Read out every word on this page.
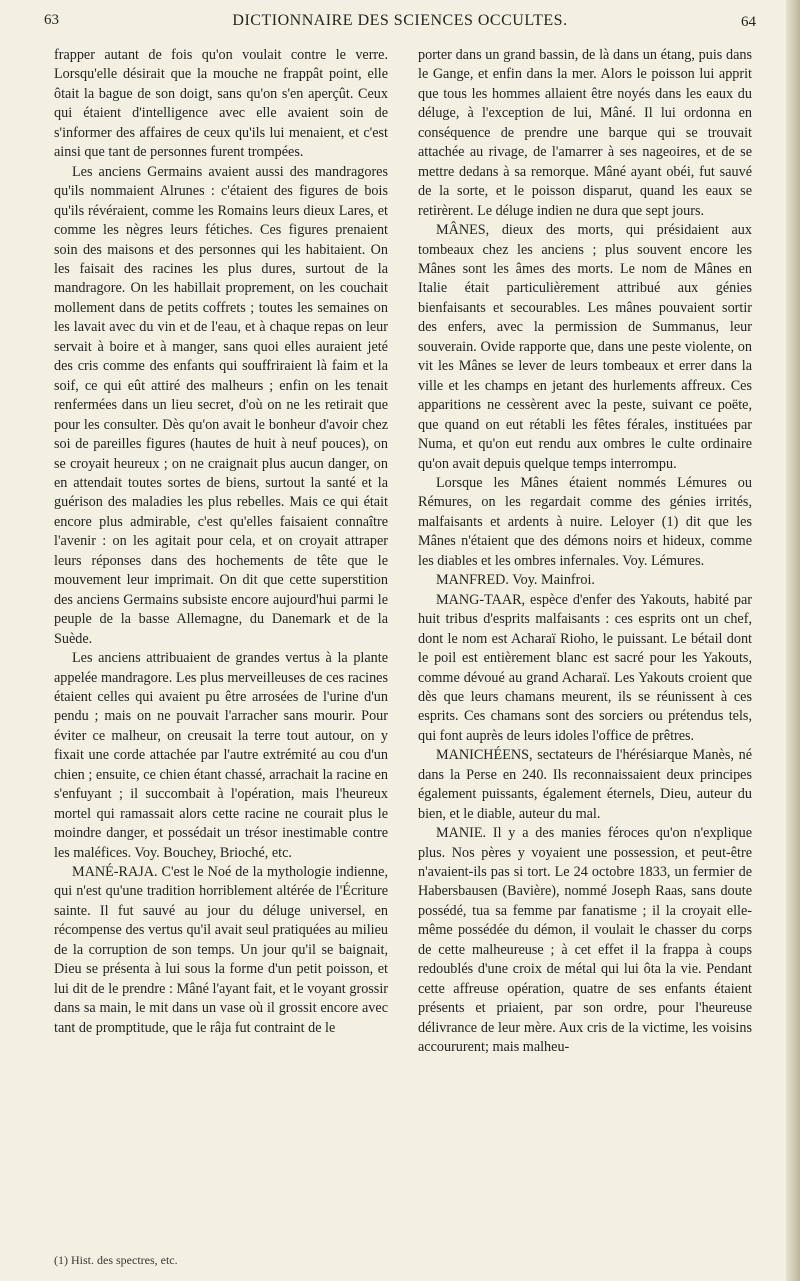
63	DICTIONNAIRE DES SCIENCES OCCULTES.	64

frapper autant de fois qu'on voulait contre le verre. Lorsqu'elle désirait que la mouche ne frappât point, elle ôtait la bague de son doigt, sans qu'on s'en aperçût. Ceux qui étaient d'intelligence avec elle avaient soin de s'informer des affaires de ceux qu'ils lui menaient, et c'est ainsi que tant de personnes furent trompées.

Les anciens Germains avaient aussi des mandragores qu'ils nommaient Alrunes : c'étaient des figures de bois qu'ils révéraient, comme les Romains leurs dieux Lares, et comme les nègres leurs fétiches. Ces figures prenaient soin des maisons et des personnes qui les habitaient. On les faisait des racines les plus dures, surtout de la mandragore. On les habillait proprement, on les couchait mollement dans de petits coffrets ; toutes les semaines on les lavait avec du vin et de l'eau, et à chaque repas on leur servait à boire et à manger, sans quoi elles auraient jeté des cris comme des enfants qui souffriraient là faim et la soif, ce qui eût attiré des malheurs ; enfin on les tenait renfermées dans un lieu secret, d'où on ne les retirait que pour les consulter. Dès qu'on avait le bonheur d'avoir chez soi de pareilles figures (hautes de huit à neuf pouces), on se croyait heureux ; on ne craignait plus aucun danger, on en attendait toutes sortes de biens, surtout la santé et la guérison des maladies les plus rebelles. Mais ce qui était encore plus admirable, c'est qu'elles faisaient connaître l'avenir : on les agitait pour cela, et on croyait attraper leurs réponses dans des hochements de tête que le mouvement leur imprimait. On dit que cette superstition des anciens Germains subsiste encore aujourd'hui parmi le peuple de la basse Allemagne, du Danemark et de la Suède.

Les anciens attribuaient de grandes vertus à la plante appelée mandragore. Les plus merveilleuses de ces racines étaient celles qui avaient pu être arrosées de l'urine d'un pendu ; mais on ne pouvait l'arracher sans mourir. Pour éviter ce malheur, on creusait la terre tout autour, on y fixait une corde attachée par l'autre extrémité au cou d'un chien ; ensuite, ce chien étant chassé, arrachait la racine en s'enfuyant ; il succombait à l'opération, mais l'heureux mortel qui ramassait alors cette racine ne courait plus le moindre danger, et possédait un trésor inestimable contre les maléfices. Voy. Bouchey, Brioché, etc.

MANÉ-RAJA. C'est le Noé de la mythologie indienne, qui n'est qu'une tradition horriblement altérée de l'Écriture sainte. Il fut sauvé au jour du déluge universel, en récompense des vertus qu'il avait seul pratiquées au milieu de la corruption de son temps. Un jour qu'il se baignait, Dieu se présenta à lui sous la forme d'un petit poisson, et lui dit de le prendre : Mâné l'ayant fait, et le voyant grossir dans sa main, le mit dans un vase où il grossit encore avec tant de promptitude, que le râja fut contraint de le

porter dans un grand bassin, de là dans un étang, puis dans le Gange, et enfin dans la mer. Alors le poisson lui apprit que tous les hommes allaient être noyés dans les eaux du déluge, à l'exception de lui, Mâné. Il lui ordonna en conséquence de prendre une barque qui se trouvait attachée au rivage, de l'amarrer à ses nageoires, et de se mettre dedans à sa remorque. Mâné ayant obéi, fut sauvé de la sorte, et le poisson disparut, quand les eaux se retirèrent. Le déluge indien ne dura que sept jours.

MÂNES, dieux des morts, qui présidaient aux tombeaux chez les anciens ; plus souvent encore les Mânes sont les âmes des morts. Le nom de Mânes en Italie était particulièrement attribué aux génies bienfaisants et secourables. Les mânes pouvaient sortir des enfers, avec la permission de Summanus, leur souverain. Ovide rapporte que, dans une peste violente, on vit les Mânes se lever de leurs tombeaux et errer dans la ville et les champs en jetant des hurlements affreux. Ces apparitions ne cessèrent avec la peste, suivant ce poëte, que quand on eut rétabli les fêtes férales, instituées par Numa, et qu'on eut rendu aux ombres le culte ordinaire qu'on avait depuis quelque temps interrompu.

Lorsque les Mânes étaient nommés Lémures ou Rémures, on les regardait comme des génies irrités, malfaisants et ardents à nuire. Leloyer (1) dit que les Mânes n'étaient que des démons noirs et hideux, comme les diables et les ombres infernales. Voy. Lémures.

MANFRED. Voy. Mainfroi.

MANG-TAAR, espèce d'enfer des Yakouts, habité par huit tribus d'esprits malfaisants : ces esprits ont un chef, dont le nom est Acharaï Rioho, le puissant. Le bétail dont le poil est entièrement blanc est sacré pour les Yakouts, comme dévoué au grand Acharaï. Les Yakouts croient que dès que leurs chamans meurent, ils se réunissent à ces esprits. Ces chamans sont des sorciers ou prétendus tels, qui font auprès de leurs idoles l'office de prêtres.

MANICHÉENS, sectateurs de l'hérésiarque Manès, né dans la Perse en 240. Ils reconnaissaient deux principes également puissants, également éternels, Dieu, auteur du bien, et le diable, auteur du mal.

MANIE. Il y a des manies féroces qu'on n'explique plus. Nos pères y voyaient une possession, et peut-être n'avaient-ils pas si tort. Le 24 octobre 1833, un fermier de Habersbausen (Bavière), nommé Joseph Raas, sans doute possédé, tua sa femme par fanatisme ; il la croyait elle-même possédée du démon, il voulait le chasser du corps de cette malheureuse ; à cet effet il la frappa à coups redoublés d'une croix de métal qui lui ôta la vie. Pendant cette affreuse opération, quatre de ses enfants étaient présents et priaient, par son ordre, pour l'heureuse délivrance de leur mère. Aux cris de la victime, les voisins accoururent; mais malheu-

(1) Hist. des spectres, etc.
